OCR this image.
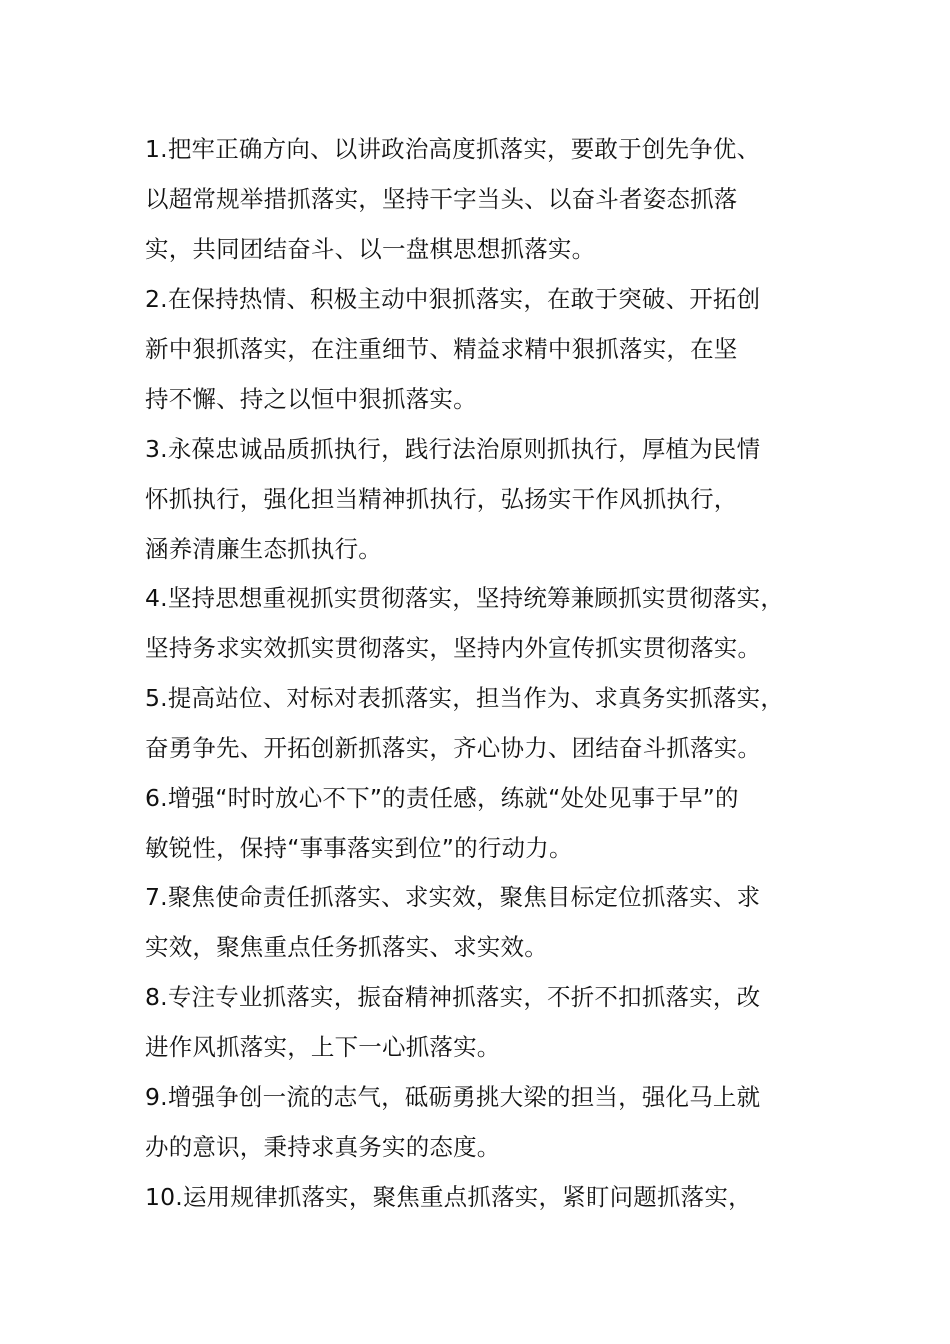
1.把牢正确方向、以讲政治高度抓落实，要敢于创先争优、
以超常规举措抓落实，坚持干字当头、以奋斗者姿态抓落
实，共同团结奋斗、以一盘棋思想抓落实。
2.在保持热情、积极主动中狠抓落实，在敢于突破、开拓创
新中狠抓落实，在注重细节、精益求精中狠抓落实，在坚
持不懈、持之以恒中狠抓落实。
3.永葆忠诚品质抓执行，践行法治原则抓执行，厚植为民情
怀抓执行，强化担当精神抓执行，弘扬实干作风抓执行，
涵养清廉生态抓执行。
4.坚持思想重视抓实贯彻落实，坚持统筹兼顾抓实贯彻落实，
坚持务求实效抓实贯彻落实，坚持内外宣传抓实贯彻落实。
5.提高站位、对标对表抓落实，担当作为、求真务实抓落实，
奋勇争先、开拓创新抓落实，齐心协力、团结奋斗抓落实。
6.增强“时时放心不下”的责任感，练就“处处见事于早”的
敏锐性，保持“事事落实到位”的行动力。
7.聚焦使命责任抓落实、求实效，聚焦目标定位抓落实、求
实效，聚焦重点任务抓落实、求实效。
8.专注专业抓落实，振奋精神抓落实，不折不扣抓落实，改
进作风抓落实，上下一心抓落实。
9.增强争创一流的志气，砥砺勇挑大梁的担当，强化马上就
办的意识，秉持求真务实的态度。
10.运用规律抓落实，聚焦重点抓落实，紧盯问题抓落实，
